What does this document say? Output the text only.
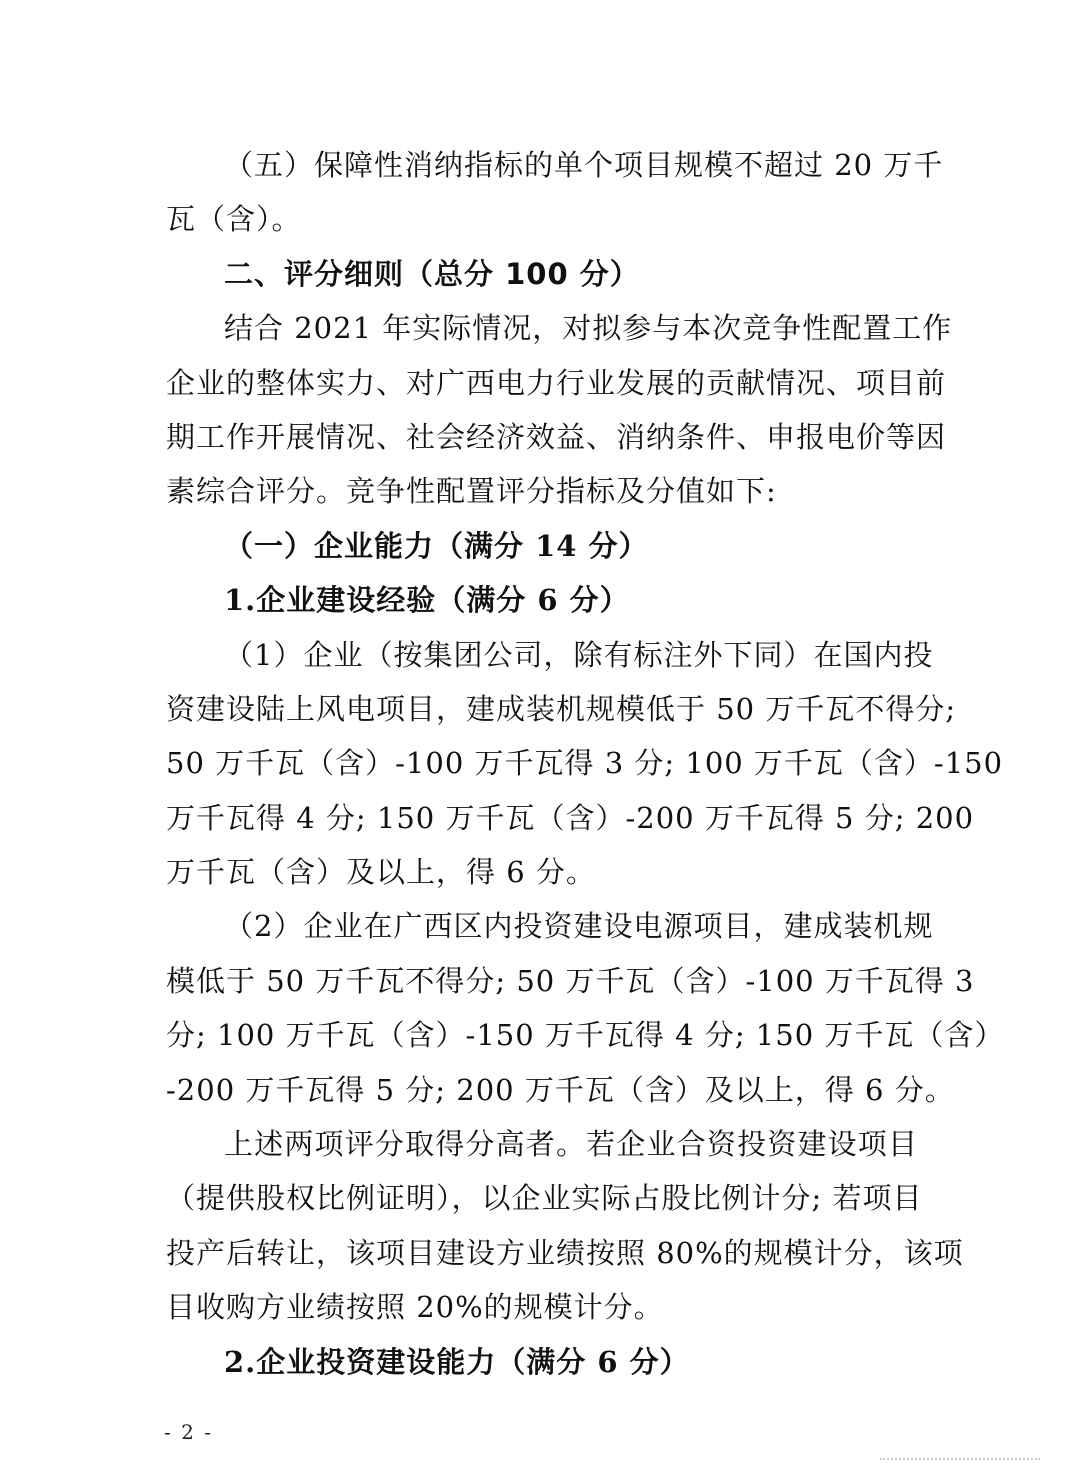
（五）保障性消纳指标的单个项目规模不超过 20 万千
瓦（含）。
二、评分细则（总分 100 分）
结合 2021 年实际情况，对拟参与本次竞争性配置工作
企业的整体实力、对广西电力行业发展的贡献情况、项目前
期工作开展情况、社会经济效益、消纳条件、申报电价等因
素综合评分。竞争性配置评分指标及分值如下:
（一）企业能力（满分 14 分）
1.企业建设经验（满分 6 分）
（1）企业（按集团公司，除有标注外下同）在国内投
资建设陆上风电项目，建成装机规模低于 50 万千瓦不得分;
50 万千瓦（含）-100 万千瓦得 3 分; 100 万千瓦（含）-150
万千瓦得 4 分; 150 万千瓦（含）-200 万千瓦得 5 分; 200
万千瓦（含）及以上，得 6 分。
（2）企业在广西区内投资建设电源项目，建成装机规
模低于 50 万千瓦不得分; 50 万千瓦（含）-100 万千瓦得 3
分; 100 万千瓦（含）-150 万千瓦得 4 分; 150 万千瓦（含）
-200 万千瓦得 5 分; 200 万千瓦（含）及以上，得 6 分。
上述两项评分取得分高者。若企业合资投资建设项目
（提供股权比例证明），以企业实际占股比例计分; 若项目
投产后转让，该项目建设方业绩按照 80%的规模计分，该项
目收购方业绩按照 20%的规模计分。
2.企业投资建设能力（满分 6 分）
- 2 -
